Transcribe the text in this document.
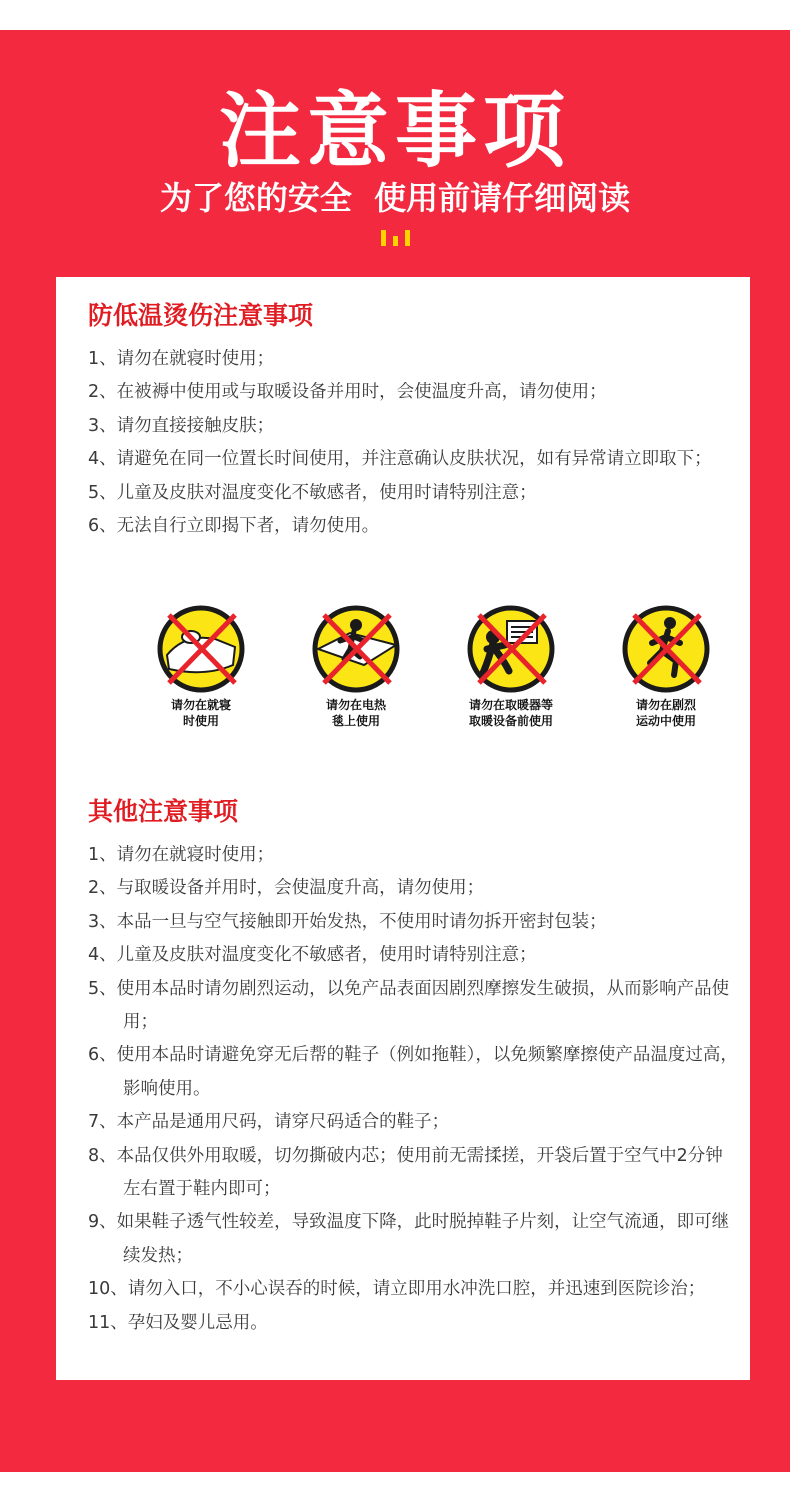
注意事项
为了您的安全  使用前请仔细阅读
防低温烫伤注意事项
1、请勿在就寝时使用；
2、在被褥中使用或与取暖设备并用时，会使温度升高，请勿使用；
3、请勿直接接触皮肤；
4、请避免在同一位置长时间使用，并注意确认皮肤状况，如有异常请立即取下；
5、儿童及皮肤对温度变化不敏感者，使用时请特别注意；
6、无法自行立即揭下者，请勿使用。
请勿在就寝
时使用
请勿在电热
毯上使用
请勿在取暖器等
取暖设备前使用
请勿在剧烈
运动中使用
其他注意事项
1、请勿在就寝时使用；
2、与取暖设备并用时，会使温度升高，请勿使用；
3、本品一旦与空气接触即开始发热，不使用时请勿拆开密封包装；
4、儿童及皮肤对温度变化不敏感者，使用时请特别注意；
5、使用本品时请勿剧烈运动，以免产品表面因剧烈摩擦发生破损，从而影响产品使用；
6、使用本品时请避免穿无后帮的鞋子（例如拖鞋），以免频繁摩擦使产品温度过高，影响使用。
7、本产品是通用尺码，请穿尺码适合的鞋子；
8、本品仅供外用取暖，切勿撕破内芯；使用前无需揉搓，开袋后置于空气中2分钟左右置于鞋内即可；
9、如果鞋子透气性较差，导致温度下降，此时脱掉鞋子片刻，让空气流通，即可继续发热；
10、请勿入口，不小心误吞的时候，请立即用水冲洗口腔，并迅速到医院诊治；
11、孕妇及婴儿忌用。
